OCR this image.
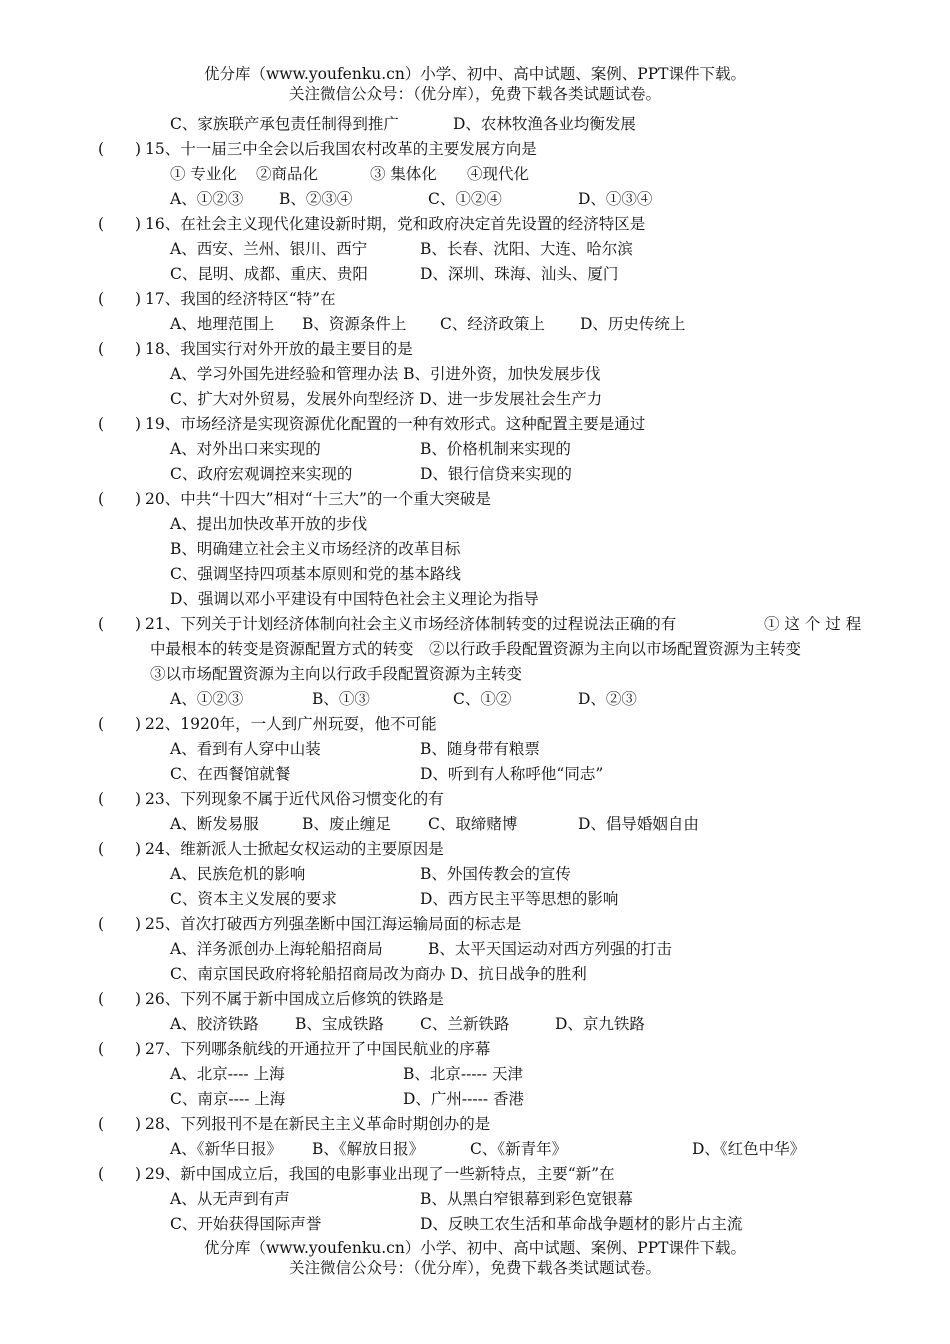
优分库（www.youfenku.cn）小学、初中、高中试题、案例、PPT课件下载。
关注微信公众号：（优分库），免费下载各类试题试卷。
C、家族联产承包责任制得到推广	D、农林牧渔各业均衡发展
(　　) 15、十一届三中全会以后我国农村改革的主要发展方向是
① 专业化 ②商品化	③ 集体化 ④现代化
A、①②③ B、②③④	C、①②④	D、①③④
(　　) 16、在社会主义现代化建设新时期，党和政府决定首先设置的经济特区是
A、西安、兰州、银川、西宁	B、长春、沈阳、大连、哈尔滨
C、昆明、成都、重庆、贵阳	D、深圳、珠海、汕头、厦门
(　　) 17、我国的经济特区“特”在
A、地理范围上 B、资源条件上 C、经济政策上 D、历史传统上
(　　) 18、我国实行对外开放的最主要目的是
A、学习外国先进经验和管理办法 B、引进外资，加快发展步伐
C、扩大对外贸易，发展外向型经济 D、进一步发展社会生产力
(　　) 19、市场经济是实现资源优化配置的一种有效形式。这种配置主要是通过
A、对外出口来实现的	B、价格机制来实现的
C、政府宏观调控来实现的	D、银行信贷来实现的
(　　) 20、中共“十四大”相对“十三大”的一个重大突破是
A、提出加快改革开放的步伐
B、明确建立社会主义市场经济的改革目标
C、强调坚持四项基本原则和党的基本路线
D、强调以邓小平建设有中国特色社会主义理论为指导
(　　) 21、下列关于计划经济体制向社会主义市场经济体制转变的过程说法正确的有	① 这 个 过 程
中最根本的转变是资源配置方式的转变　②以行政手段配置资源为主向以市场配置资源为主转变
③以市场配置资源为主向以行政手段配置资源为主转变
A、①②③	B、①③	C、①②	D、②③
(　　) 22、1920年，一人到广州玩耍，他不可能
A、看到有人穿中山装	B、随身带有粮票
C、在西餐馆就餐	D、听到有人称呼他“同志”
(　　) 23、下列现象不属于近代风俗习惯变化的有
A、断发易服	B、废止缠足 C、取缔赌博	D、倡导婚姻自由
(　　) 24、维新派人士掀起女权运动的主要原因是
A、民族危机的影响	B、外国传教会的宣传
C、资本主义发展的要求	D、西方民主平等思想的影响
(　　) 25、首次打破西方列强垄断中国江海运输局面的标志是
A、洋务派创办上海轮船招商局	B、太平天国运动对西方列强的打击
C、南京国民政府将轮船招商局改为商办 D、抗日战争的胜利
(　　) 26、下列不属于新中国成立后修筑的铁路是
A、胶济铁路 B、宝成铁路 C、兰新铁路	D、京九铁路
(　　) 27、下列哪条航线的开通拉开了中国民航业的序幕
A、北京---- 上海	B、北京----- 天津
C、南京---- 上海	D、广州----- 香港
(　　) 28、下列报刊不是在新民主主义革命时期创办的是
A、《新华日报》 B、《解放日报》	C、《新青年》	D、《红色中华》
(　　) 29、新中国成立后，我国的电影事业出现了一些新特点，主要“新”在
A、从无声到有声	B、从黑白窄银幕到彩色宽银幕
C、开始获得国际声誉	D、反映工农生活和革命战争题材的影片占主流
优分库（www.youfenku.cn）小学、初中、高中试题、案例、PPT课件下载。
关注微信公众号：（优分库），免费下载各类试题试卷。
